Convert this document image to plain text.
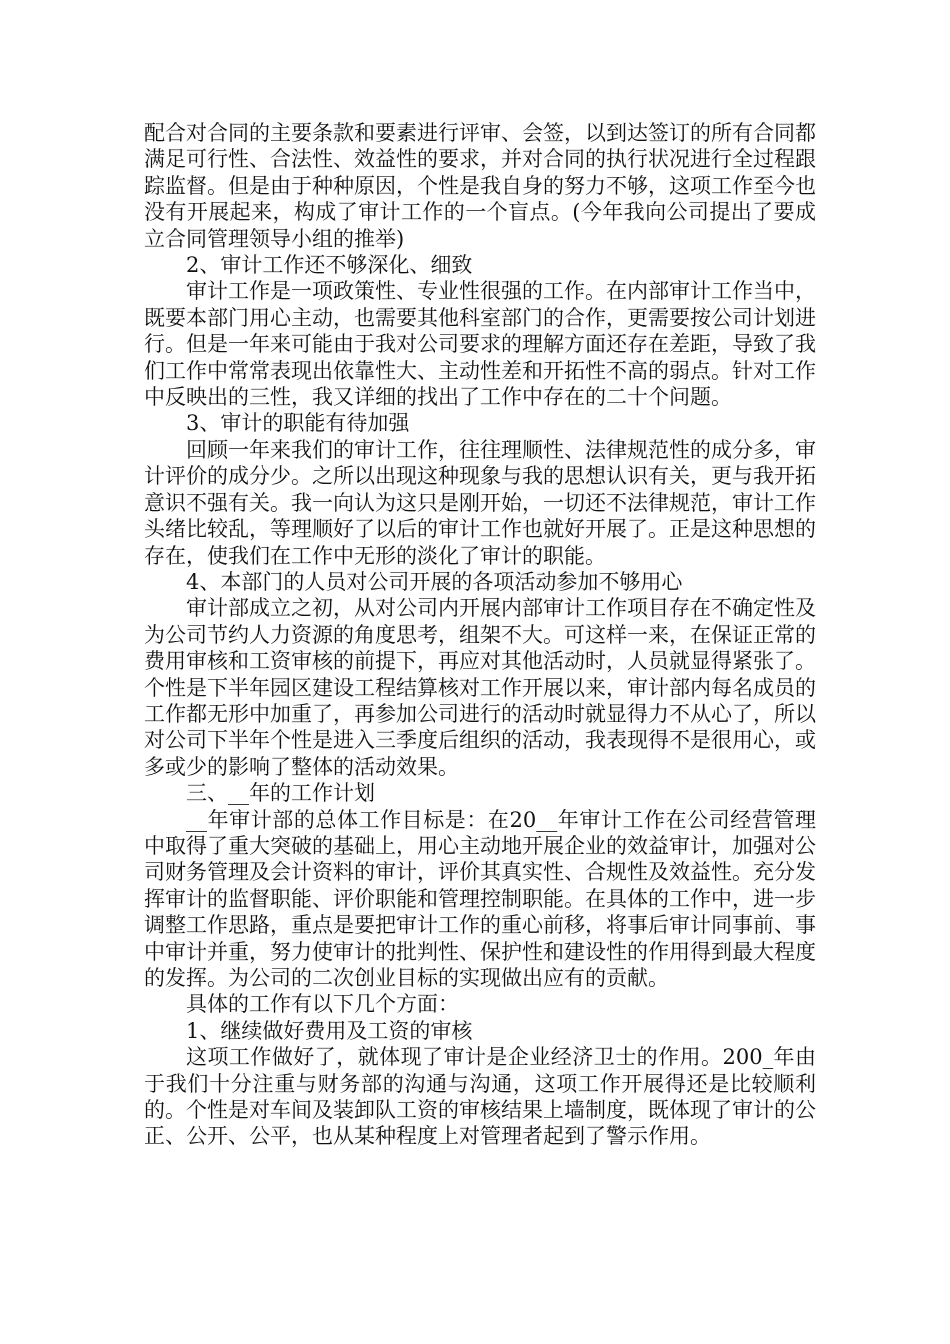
配合对合同的主要条款和要素进行评审、会签，以到达签订的所有合同都满足可行性、合法性、效益性的要求，并对合同的执行状况进行全过程跟踪监督。但是由于种种原因，个性是我自身的努力不够，这项工作至今也没有开展起来，构成了审计工作的一个盲点。(今年我向公司提出了要成立合同管理领导小组的推举)

2、审计工作还不够深化、细致

审计工作是一项政策性、专业性很强的工作。在内部审计工作当中，既要本部门用心主动，也需要其他科室部门的合作，更需要按公司计划进行。但是一年来可能由于我对公司要求的理解方面还存在差距，导致了我们工作中常常表现出依靠性大、主动性差和开拓性不高的弱点。针对工作中反映出的三性，我又详细的找出了工作中存在的二十个问题。

3、审计的职能有待加强

回顾一年来我们的审计工作，往往理顺性、法律规范性的成分多，审计评价的成分少。之所以出现这种现象与我的思想认识有关，更与我开拓意识不强有关。我一向认为这只是刚开始，一切还不法律规范，审计工作头绪比较乱，等理顺好了以后的审计工作也就好开展了。正是这种思想的存在，使我们在工作中无形的淡化了审计的职能。

4、本部门的人员对公司开展的各项活动参加不够用心

审计部成立之初，从对公司内开展内部审计工作项目存在不确定性及为公司节约人力资源的角度思考，组架不大。可这样一来，在保证正常的费用审核和工资审核的前提下，再应对其他活动时，人员就显得紧张了。个性是下半年园区建设工程结算核对工作开展以来，审计部内每名成员的工作都无形中加重了，再参加公司进行的活动时就显得力不从心了，所以对公司下半年个性是进入三季度后组织的活动，我表现得不是很用心，或多或少的影响了整体的活动效果。

三、__年的工作计划

__年审计部的总体工作目标是：在20__年审计工作在公司经营管理中取得了重大突破的基础上，用心主动地开展企业的效益审计，加强对公司财务管理及会计资料的审计，评价其真实性、合规性及效益性。充分发挥审计的监督职能、评价职能和管理控制职能。在具体的工作中，进一步调整工作思路，重点是要把审计工作的重心前移，将事后审计同事前、事中审计并重，努力使审计的批判性、保护性和建设性的作用得到最大程度的发挥。为公司的二次创业目标的实现做出应有的贡献。

具体的工作有以下几个方面：

1、继续做好费用及工资的审核

这项工作做好了，就体现了审计是企业经济卫士的作用。200_年由于我们十分注重与财务部的沟通与沟通，这项工作开展得还是比较顺利的。个性是对车间及装卸队工资的审核结果上墙制度，既体现了审计的公正、公开、公平，也从某种程度上对管理者起到了警示作用。
